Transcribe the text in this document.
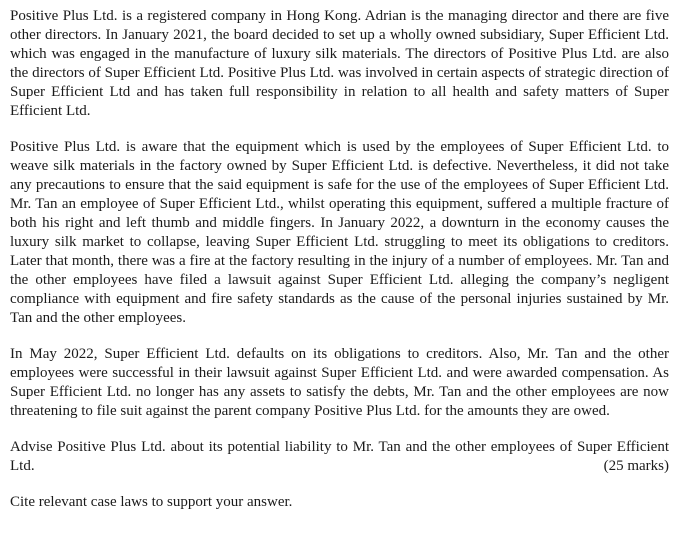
Positive Plus Ltd. is a registered company in Hong Kong. Adrian is the managing director and there are five other directors. In January 2021, the board decided to set up a wholly owned subsidiary, Super Efficient Ltd. which was engaged in the manufacture of luxury silk materials. The directors of Positive Plus Ltd. are also the directors of Super Efficient Ltd. Positive Plus Ltd. was involved in certain aspects of strategic direction of Super Efficient Ltd and has taken full responsibility in relation to all health and safety matters of Super Efficient Ltd.

Positive Plus Ltd. is aware that the equipment which is used by the employees of Super Efficient Ltd. to weave silk materials in the factory owned by Super Efficient Ltd. is defective. Nevertheless, it did not take any precautions to ensure that the said equipment is safe for the use of the employees of Super Efficient Ltd. Mr. Tan an employee of Super Efficient Ltd., whilst operating this equipment, suffered a multiple fracture of both his right and left thumb and middle fingers. In January 2022, a downturn in the economy causes the luxury silk market to collapse, leaving Super Efficient Ltd. struggling to meet its obligations to creditors. Later that month, there was a fire at the factory resulting in the injury of a number of employees. Mr. Tan and the other employees have filed a lawsuit against Super Efficient Ltd. alleging the company’s negligent compliance with equipment and fire safety standards as the cause of the personal injuries sustained by Mr. Tan and the other employees.

In May 2022, Super Efficient Ltd. defaults on its obligations to creditors. Also, Mr. Tan and the other employees were successful in their lawsuit against Super Efficient Ltd. and were awarded compensation. As Super Efficient Ltd. no longer has any assets to satisfy the debts, Mr. Tan and the other employees are now threatening to file suit against the parent company Positive Plus Ltd. for the amounts they are owed.

Advise Positive Plus Ltd. about its potential liability to Mr. Tan and the other employees of Super Efficient Ltd.	(25 marks)

Cite relevant case laws to support your answer.
